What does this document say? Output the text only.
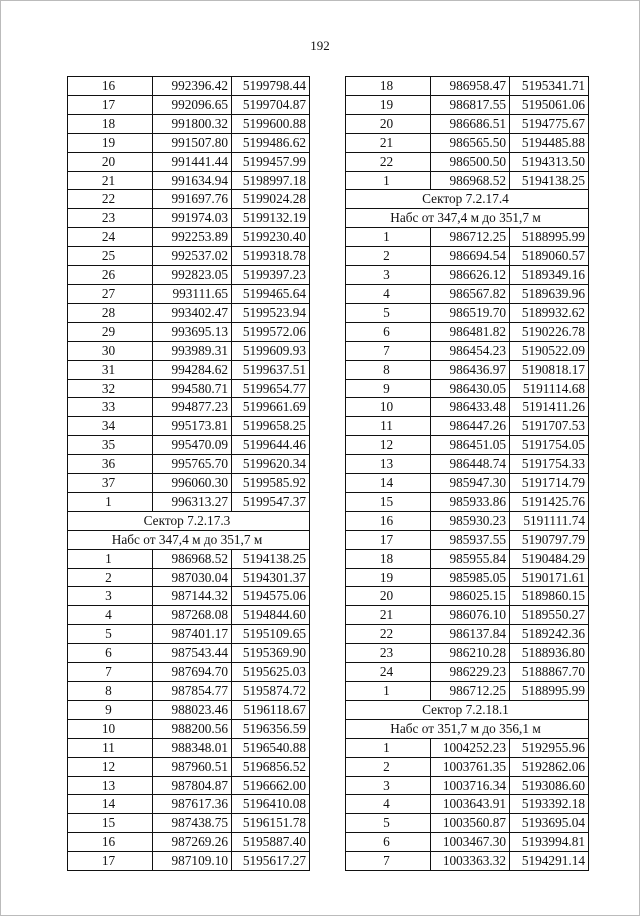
192
16	992396.42	5199798.44
17	992096.65	5199704.87
18	991800.32	5199600.88
19	991507.80	5199486.62
20	991441.44	5199457.99
21	991634.94	5198997.18
22	991697.76	5199024.28
23	991974.03	5199132.19
24	992253.89	5199230.40
25	992537.02	5199318.78
26	992823.05	5199397.23
27	993111.65	5199465.64
28	993402.47	5199523.94
29	993695.13	5199572.06
30	993989.31	5199609.93
31	994284.62	5199637.51
32	994580.71	5199654.77
33	994877.23	5199661.69
34	995173.81	5199658.25
35	995470.09	5199644.46
36	995765.70	5199620.34
37	996060.30	5199585.92
1	996313.27	5199547.37
Сектор 7.2.17.3		
Набс от 347,4 м до 351,7 м		
1	986968.52	5194138.25
2	987030.04	5194301.37
3	987144.32	5194575.06
4	987268.08	5194844.60
5	987401.17	5195109.65
6	987543.44	5195369.90
7	987694.70	5195625.03
8	987854.77	5195874.72
9	988023.46	5196118.67
10	988200.56	5196356.59
11	988348.01	5196540.88
12	987960.51	5196856.52
13	987804.87	5196662.00
14	987617.36	5196410.08
15	987438.75	5196151.78
16	987269.26	5195887.40
17	987109.10	5195617.27
18	986958.47	5195341.71
19	986817.55	5195061.06
20	986686.51	5194775.67
21	986565.50	5194485.88
22	986500.50	5194313.50
1	986968.52	5194138.25
Сектор 7.2.17.4		
Набс от 347,4 м до 351,7 м		
1	986712.25	5188995.99
2	986694.54	5189060.57
3	986626.12	5189349.16
4	986567.82	5189639.96
5	986519.70	5189932.62
6	986481.82	5190226.78
7	986454.23	5190522.09
8	986436.97	5190818.17
9	986430.05	5191114.68
10	986433.48	5191411.26
11	986447.26	5191707.53
12	986451.05	5191754.05
13	986448.74	5191754.33
14	985947.30	5191714.79
15	985933.86	5191425.76
16	985930.23	5191111.74
17	985937.55	5190797.79
18	985955.84	5190484.29
19	985985.05	5190171.61
20	986025.15	5189860.15
21	986076.10	5189550.27
22	986137.84	5189242.36
23	986210.28	5188936.80
24	986229.23	5188867.70
1	986712.25	5188995.99
Сектор 7.2.18.1		
Набс от 351,7 м до 356,1 м		
1	1004252.23	5192955.96
2	1003761.35	5192862.06
3	1003716.34	5193086.60
4	1003643.91	5193392.18
5	1003560.87	5193695.04
6	1003467.30	5193994.81
7	1003363.32	5194291.14
